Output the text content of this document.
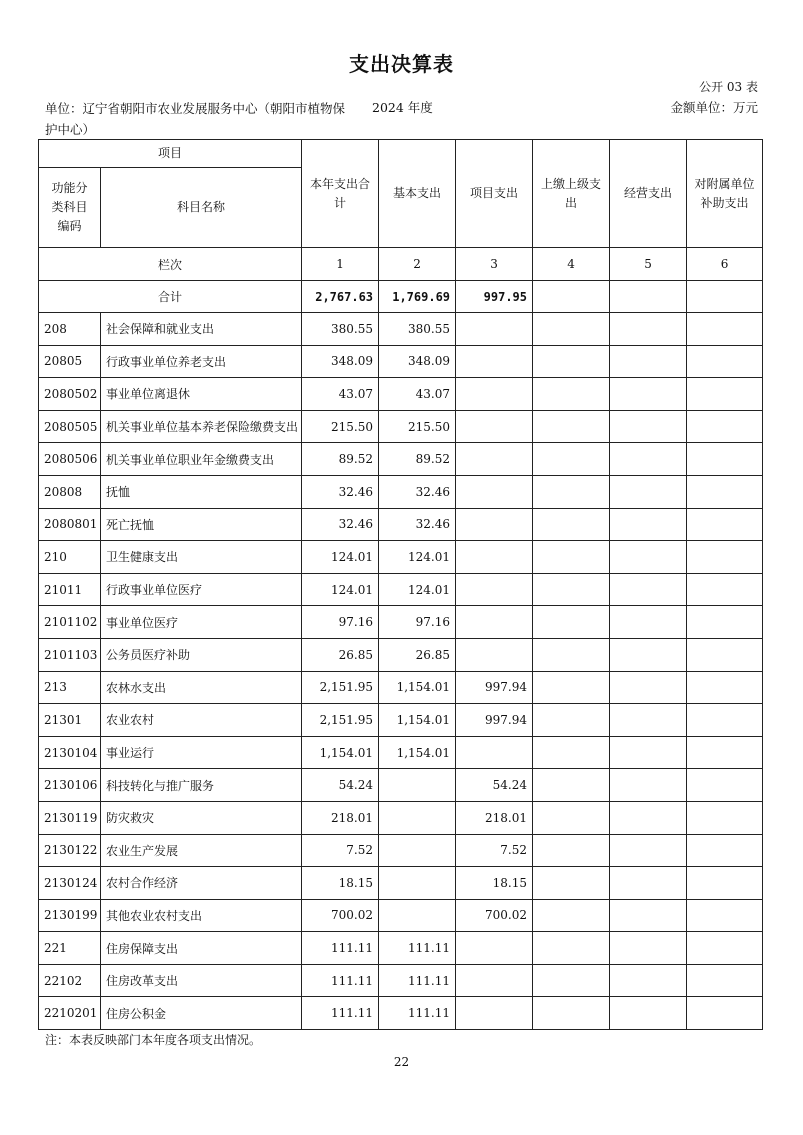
支出决算表
公开 03 表
单位：辽宁省朝阳市农业发展服务中心（朝阳市植物保护中心）
2024 年度	金额单位：万元
项目		本年支出合计	基本支出	项目支出	上缴上级支出	经营支出	对附属单位补助支出
功能分类科目编码	科目名称						
栏次		1	2	3	4	5	6
合计		2,767.63	1,769.69	997.95			
208	社会保障和就业支出	380.55	380.55				
20805	行政事业单位养老支出	348.09	348.09				
2080502	事业单位离退休	43.07	43.07				
2080505	机关事业单位基本养老保险缴费支出	215.50	215.50				
2080506	机关事业单位职业年金缴费支出	89.52	89.52				
20808	抚恤	32.46	32.46				
2080801	死亡抚恤	32.46	32.46				
210	卫生健康支出	124.01	124.01				
21011	行政事业单位医疗	124.01	124.01				
2101102	事业单位医疗	97.16	97.16				
2101103	公务员医疗补助	26.85	26.85				
213	农林水支出	2,151.95	1,154.01	997.94			
21301	农业农村	2,151.95	1,154.01	997.94			
2130104	事业运行	1,154.01	1,154.01				
2130106	科技转化与推广服务	54.24		54.24			
2130119	防灾救灾	218.01		218.01			
2130122	农业生产发展	7.52		7.52			
2130124	农村合作经济	18.15		18.15			
2130199	其他农业农村支出	700.02		700.02			
221	住房保障支出	111.11	111.11				
22102	住房改革支出	111.11	111.11				
2210201	住房公积金	111.11	111.11				
注：本表反映部门本年度各项支出情况。
22
